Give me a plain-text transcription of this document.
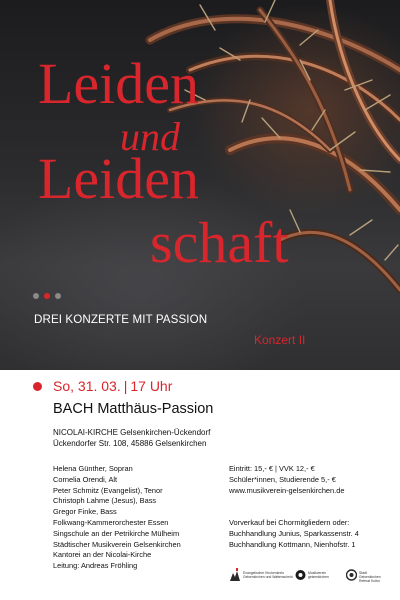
Leiden
und
Leiden
schaft
DREI KONZERTE MIT PASSION
Konzert II
So, 31. 03. | 17 Uhr
BACH Matthäus-Passion
NICOLAI-KIRCHE Gelsenkirchen-Ückendorf
Ückendorfer Str. 108, 45886 Gelsenkirchen
Helena Günther, Sopran
Cornelia Orendi, Alt
Peter Schmitz (Evangelist), Tenor
Christoph Lahme (Jesus), Bass
Gregor Finke, Bass
Folkwang-Kammerorchester Essen
Singschule an der Petrikirche Mülheim
Städtischer Musikverein Gelsenkirchen
Kantorei an der Nicolai-Kirche
Leitung: Andreas Fröhling
Eintritt: 15,- € | VVK 12,- €
Schüler*innen, Studierende 5,- €
www.musikverein-gelsenkirchen.de
Vorverkauf bei Chormitgliedern oder:
Buchhandlung Junius, Sparkassenstr. 4
Buchhandlung Kottmann, Nienhofstr. 1
Evangelischer Kirchenkreis
Gelsenkirchen und Wattenscheid
Musikverein
gelsenkirchen
Stadt
Gelsenkirchen
Referat Kultur
